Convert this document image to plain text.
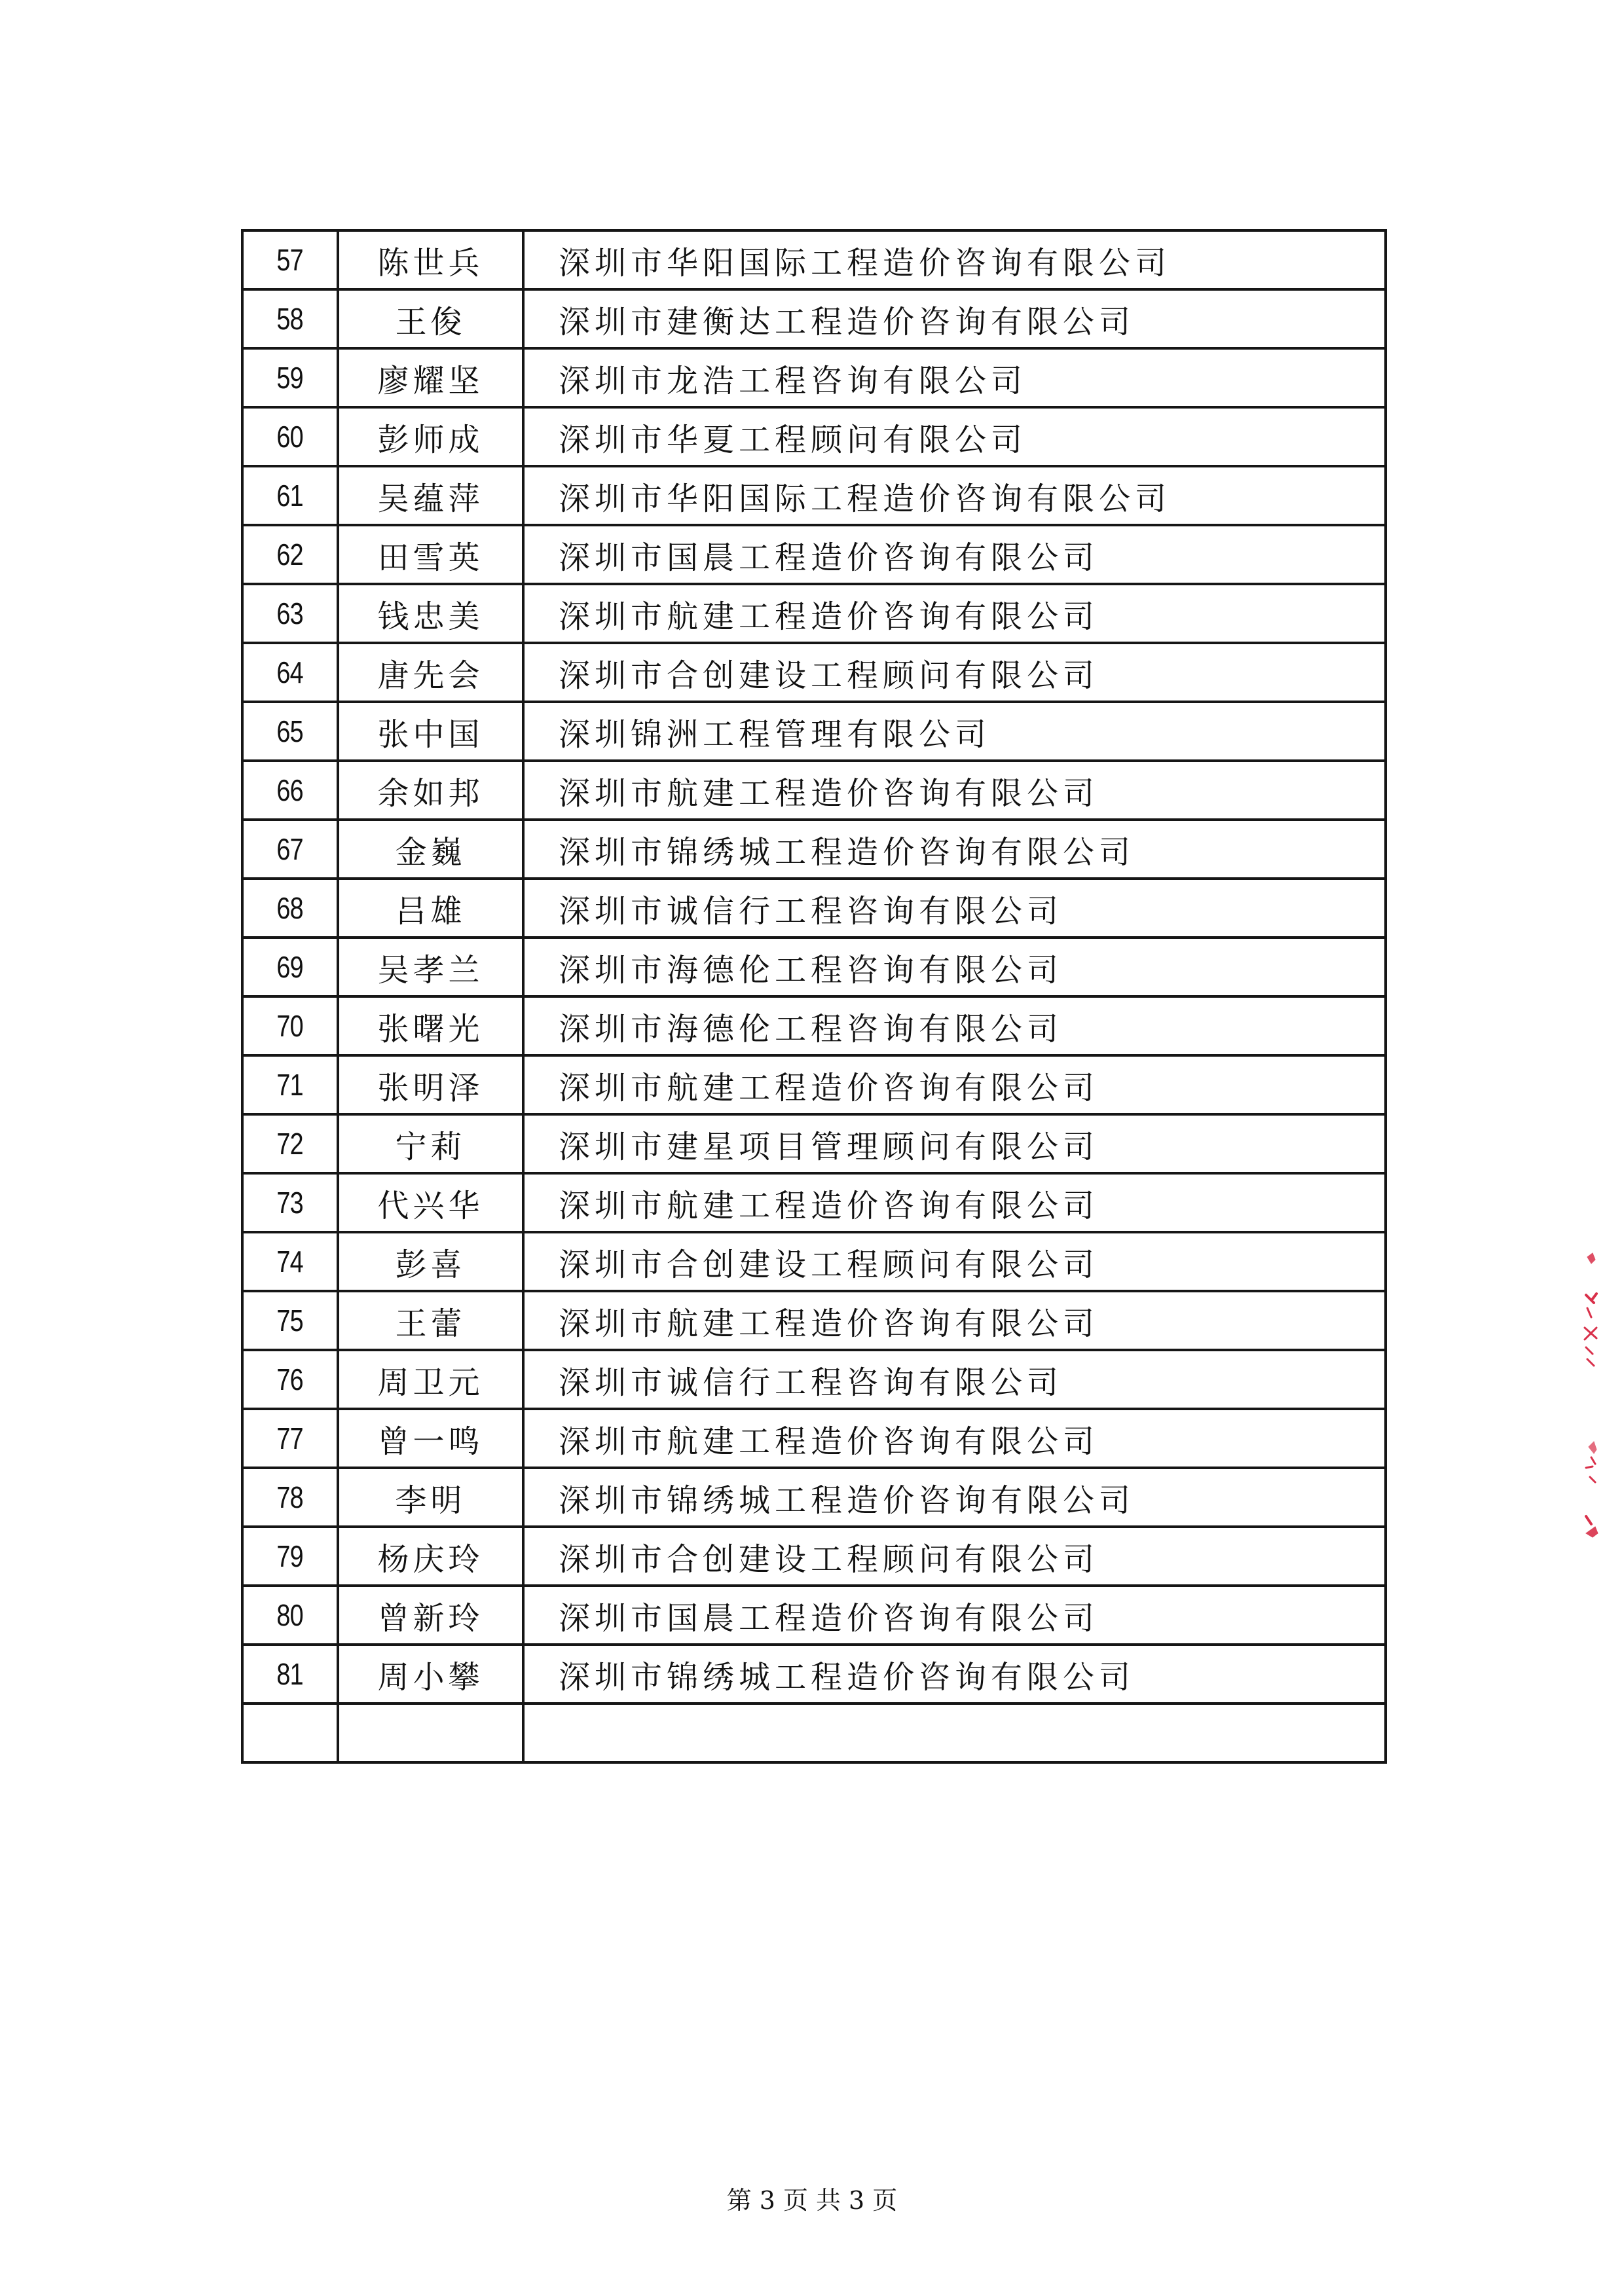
57	陈世兵	深圳市华阳国际工程造价咨询有限公司
58	王俊	深圳市建衡达工程造价咨询有限公司
59	廖耀坚	深圳市龙浩工程咨询有限公司
60	彭师成	深圳市华夏工程顾问有限公司
61	吴蕴萍	深圳市华阳国际工程造价咨询有限公司
62	田雪英	深圳市国晨工程造价咨询有限公司
63	钱忠美	深圳市航建工程造价咨询有限公司
64	唐先会	深圳市合创建设工程顾问有限公司
65	张中国	深圳锦洲工程管理有限公司
66	余如邦	深圳市航建工程造价咨询有限公司
67	金巍	深圳市锦绣城工程造价咨询有限公司
68	吕雄	深圳市诚信行工程咨询有限公司
69	吴孝兰	深圳市海德伦工程咨询有限公司
70	张曙光	深圳市海德伦工程咨询有限公司
71	张明泽	深圳市航建工程造价咨询有限公司
72	宁莉	深圳市建星项目管理顾问有限公司
73	代兴华	深圳市航建工程造价咨询有限公司
74	彭喜	深圳市合创建设工程顾问有限公司
75	王蕾	深圳市航建工程造价咨询有限公司
76	周卫元	深圳市诚信行工程咨询有限公司
77	曾一鸣	深圳市航建工程造价咨询有限公司
78	李明	深圳市锦绣城工程造价咨询有限公司
79	杨庆玲	深圳市合创建设工程顾问有限公司
80	曾新玲	深圳市国晨工程造价咨询有限公司
81	周小攀	深圳市锦绣城工程造价咨询有限公司

第 3 页 共 3 页
